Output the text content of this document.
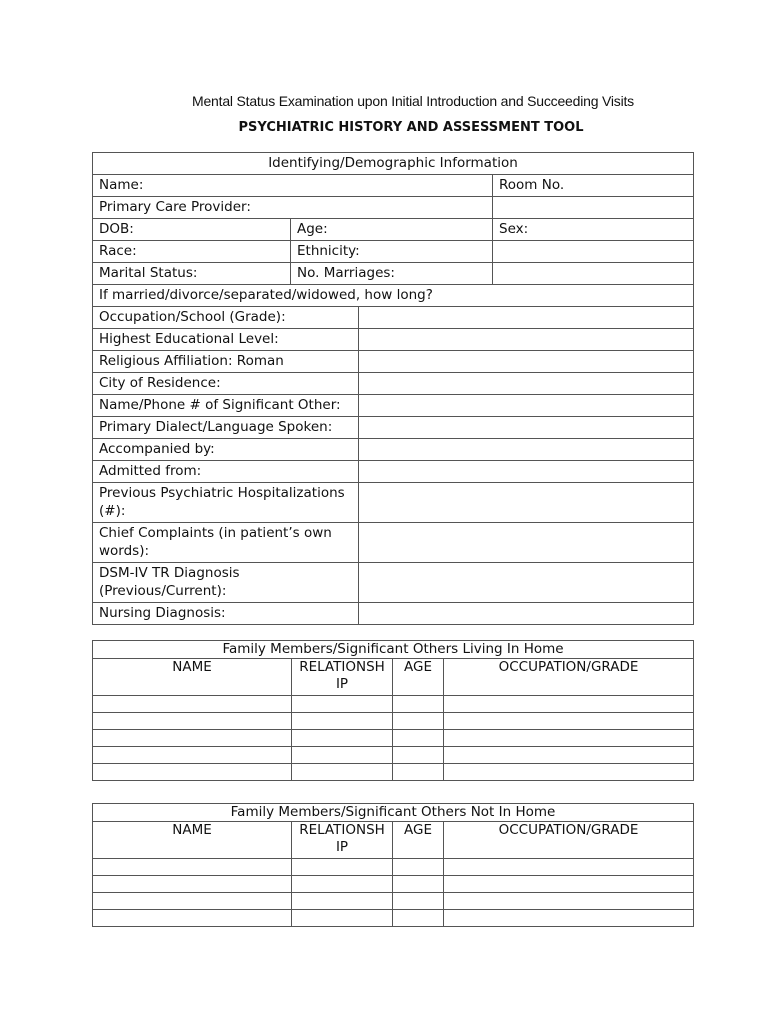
Mental Status Examination upon Initial Introduction and Succeeding Visits
PSYCHIATRIC HISTORY AND ASSESSMENT TOOL
Identifying/Demographic Information			
Name:			Room No.
Primary Care Provider:			
DOB:	Age:		Sex:
Race:	Ethnicity:		
Marital Status:	No. Marriages:		
If married/divorce/separated/widowed, how long?			
Occupation/School (Grade):			
Highest Educational Level:			
Religious Affiliation: Roman			
City of Residence:			
Name/Phone # of Significant Other:			
Primary Dialect/Language Spoken:			
Accompanied by:			
Admitted from:			
Previous Psychiatric Hospitalizations (#):			
Chief Complaints (in patient’s own words):			
DSM-IV TR Diagnosis (Previous/Current):			
Nursing Diagnosis:			
Family Members/Significant Others Living In Home			
NAME	RELATIONSH IP	AGE	OCCUPATION/GRADE

Family Members/Significant Others Not In Home			
NAME	RELATIONSH IP	AGE	OCCUPATION/GRADE
